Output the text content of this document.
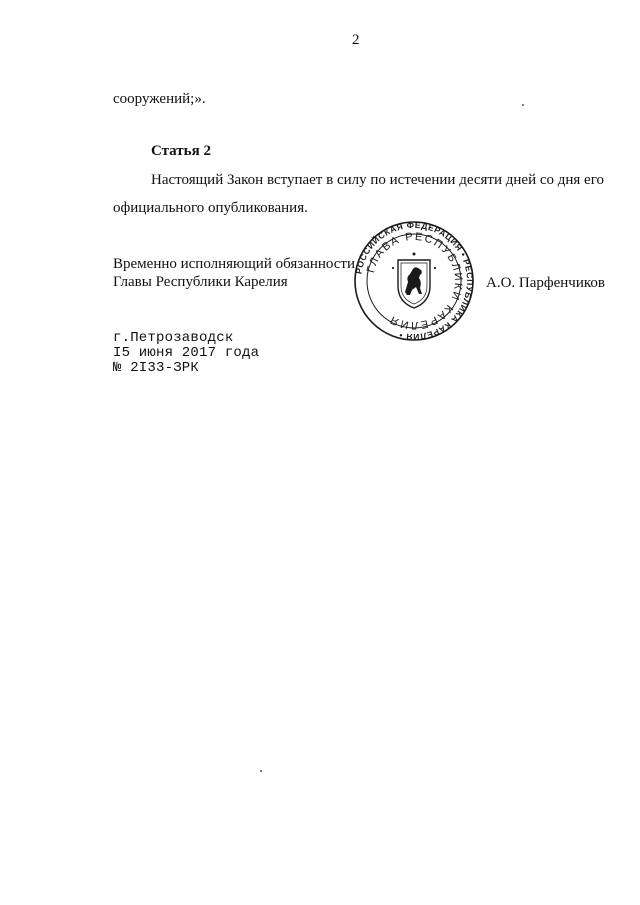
2
сооружений;».
Статья 2
Настоящий Закон вступает в силу по истечении десяти дней со дня его официального опубликования.
Временно исполняющий обязанности
Главы Республики Карелия
РОССИЙСКАЯ ФЕДЕРАЦИЯ • РЕСПУБЛИКА КАРЕЛИЯ •
ГЛАВА РЕСПУБЛИКИ КАРЕЛИЯ
А.О. Парфенчиков
г.Петрозаводск
I5 июня 2017 года
№ 2I33-ЗРК
